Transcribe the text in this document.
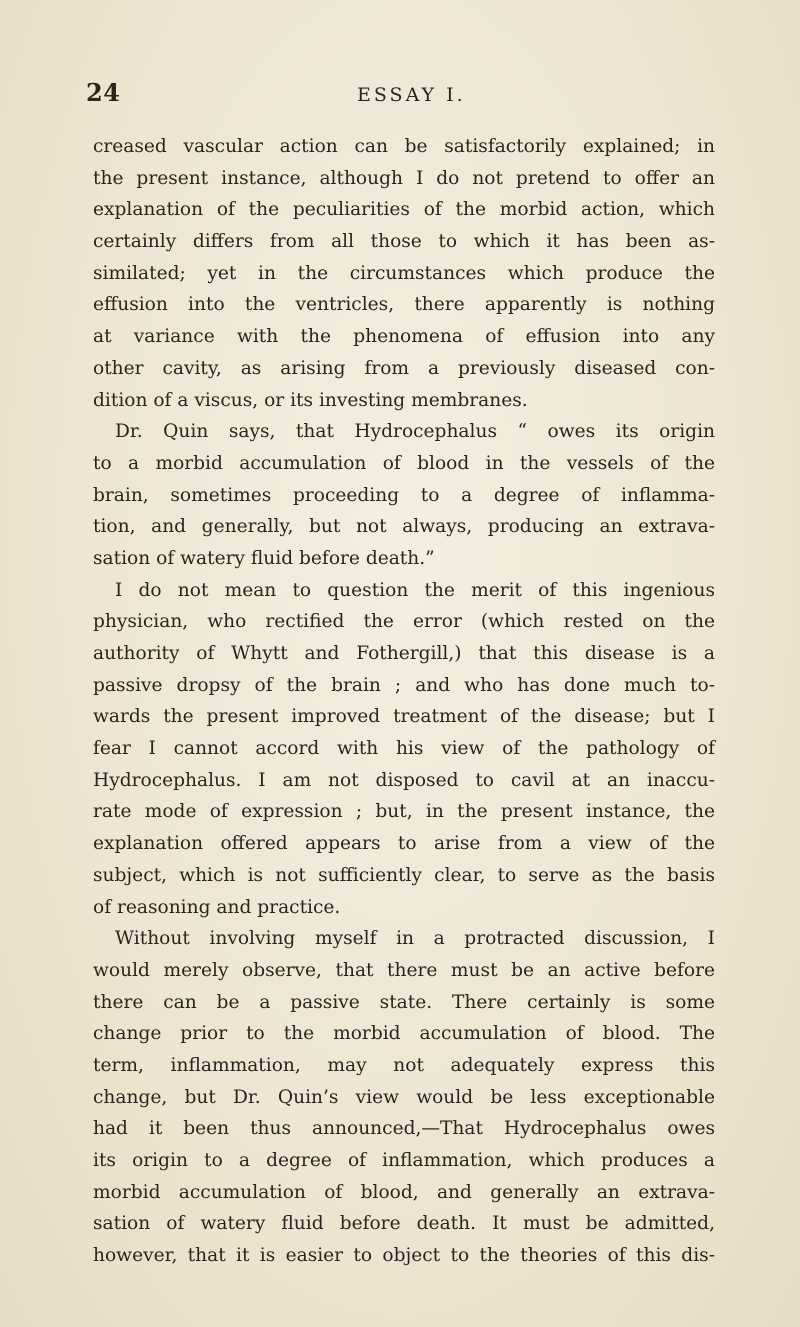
24	ESSAY I.
creased vascular action can be satisfactorily explained; in
the present instance, although I do not pretend to offer an
explanation of the peculiarities of the morbid action, which
certainly differs from all those to which it has been as-
similated; yet in the circumstances which produce the
effusion into the ventricles, there apparently is nothing
at variance with the phenomena of effusion into any
other cavity, as arising from a previously diseased con-
dition of a viscus, or its investing membranes.
Dr. Quin says, that Hydrocephalus “ owes its origin
to a morbid accumulation of blood in the vessels of the
brain, sometimes proceeding to a degree of inflamma-
tion, and generally, but not always, producing an extrava-
sation of watery fluid before death.”
I do not mean to question the merit of this ingenious
physician, who rectified the error (which rested on the
authority of Whytt and Fothergill,) that this disease is a
passive dropsy of the brain ; and who has done much to-
wards the present improved treatment of the disease; but I
fear I cannot accord with his view of the pathology of
Hydrocephalus. I am not disposed to cavil at an inaccu-
rate mode of expression ; but, in the present instance, the
explanation offered appears to arise from a view of the
subject, which is not sufficiently clear, to serve as the basis
of reasoning and practice.
Without involving myself in a protracted discussion, I
would merely observe, that there must be an active before
there can be a passive state. There certainly is some
change prior to the morbid accumulation of blood. The
term, inflammation, may not adequately express this
change, but Dr. Quin’s view would be less exceptionable
had it been thus announced,—That Hydrocephalus owes
its origin to a degree of inflammation, which produces a
morbid accumulation of blood, and generally an extrava-
sation of watery fluid before death. It must be admitted,
however, that it is easier to object to the theories of this dis-
